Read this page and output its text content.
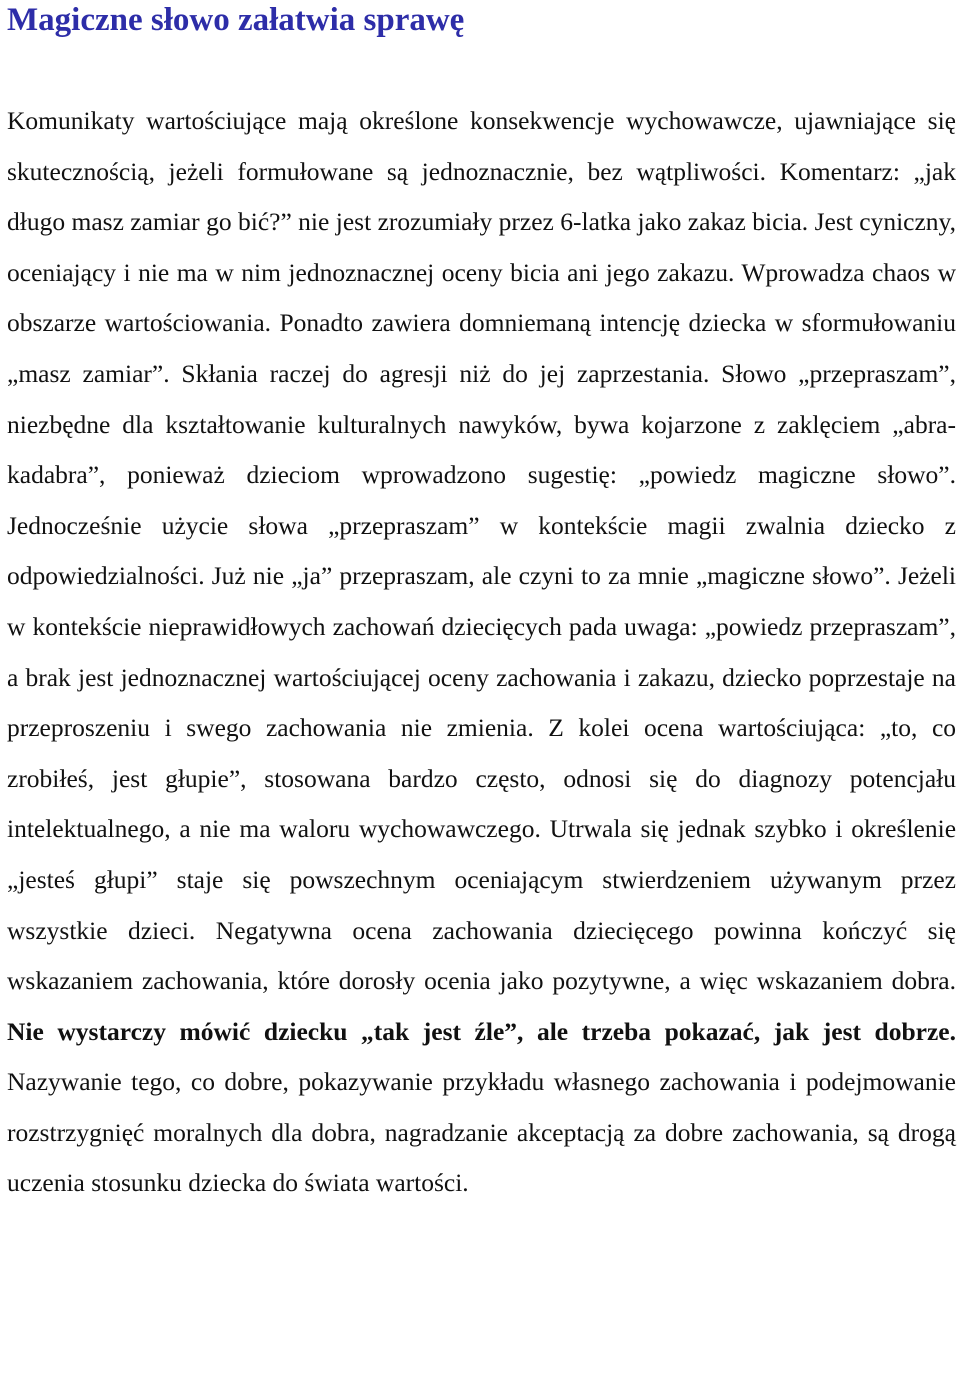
Magiczne słowo załatwia sprawę

Komunikaty wartościujące mają określone konsekwencje wychowawcze, ujawniające się skutecznością, jeżeli formułowane są jednoznacznie, bez wątpliwości. Komentarz: „jak długo masz zamiar go bić?” nie jest zrozumiały przez 6-latka jako zakaz bicia. Jest cyniczny, oceniający i nie ma w nim jednoznacznej oceny bicia ani jego zakazu. Wprowadza chaos w obszarze wartościowania. Ponadto zawiera domniemaną intencję dziecka w sformułowaniu „masz zamiar”. Skłania raczej do agresji niż do jej zaprzestania. Słowo „przepraszam”, niezbędne dla kształtowanie kulturalnych nawyków, bywa kojarzone z zaklęciem „abra-kadabra”, ponieważ dzieciom wprowadzono sugestię: „powiedz magiczne słowo”. Jednocześnie użycie słowa „przepraszam” w kontekście magii zwalnia dziecko z odpowiedzialności. Już nie „ja” przepraszam, ale czyni to za mnie „magiczne słowo”. Jeżeli w kontekście nieprawidłowych zachowań dziecięcych pada uwaga: „powiedz przepraszam”, a brak jest jednoznacznej wartościującej oceny zachowania i zakazu, dziecko poprzestaje na przeproszeniu i swego zachowania nie zmienia. Z kolei ocena wartościująca: „to, co zrobiłeś, jest głupie”, stosowana bardzo często, odnosi się do diagnozy potencjału intelektualnego, a nie ma waloru wychowawczego. Utrwala się jednak szybko i określenie „jesteś głupi” staje się powszechnym oceniającym stwierdzeniem używanym przez wszystkie dzieci. Negatywna ocena zachowania dziecięcego powinna kończyć się wskazaniem zachowania, które dorosły ocenia jako pozytywne, a więc wskazaniem dobra. Nie wystarczy mówić dziecku „tak jest źle”, ale trzeba pokazać, jak jest dobrze. Nazywanie tego, co dobre, pokazywanie przykładu własnego zachowania i podejmowanie rozstrzygnięć moralnych dla dobra, nagradzanie akceptacją za dobre zachowania, są drogą uczenia stosunku dziecka do świata wartości.
